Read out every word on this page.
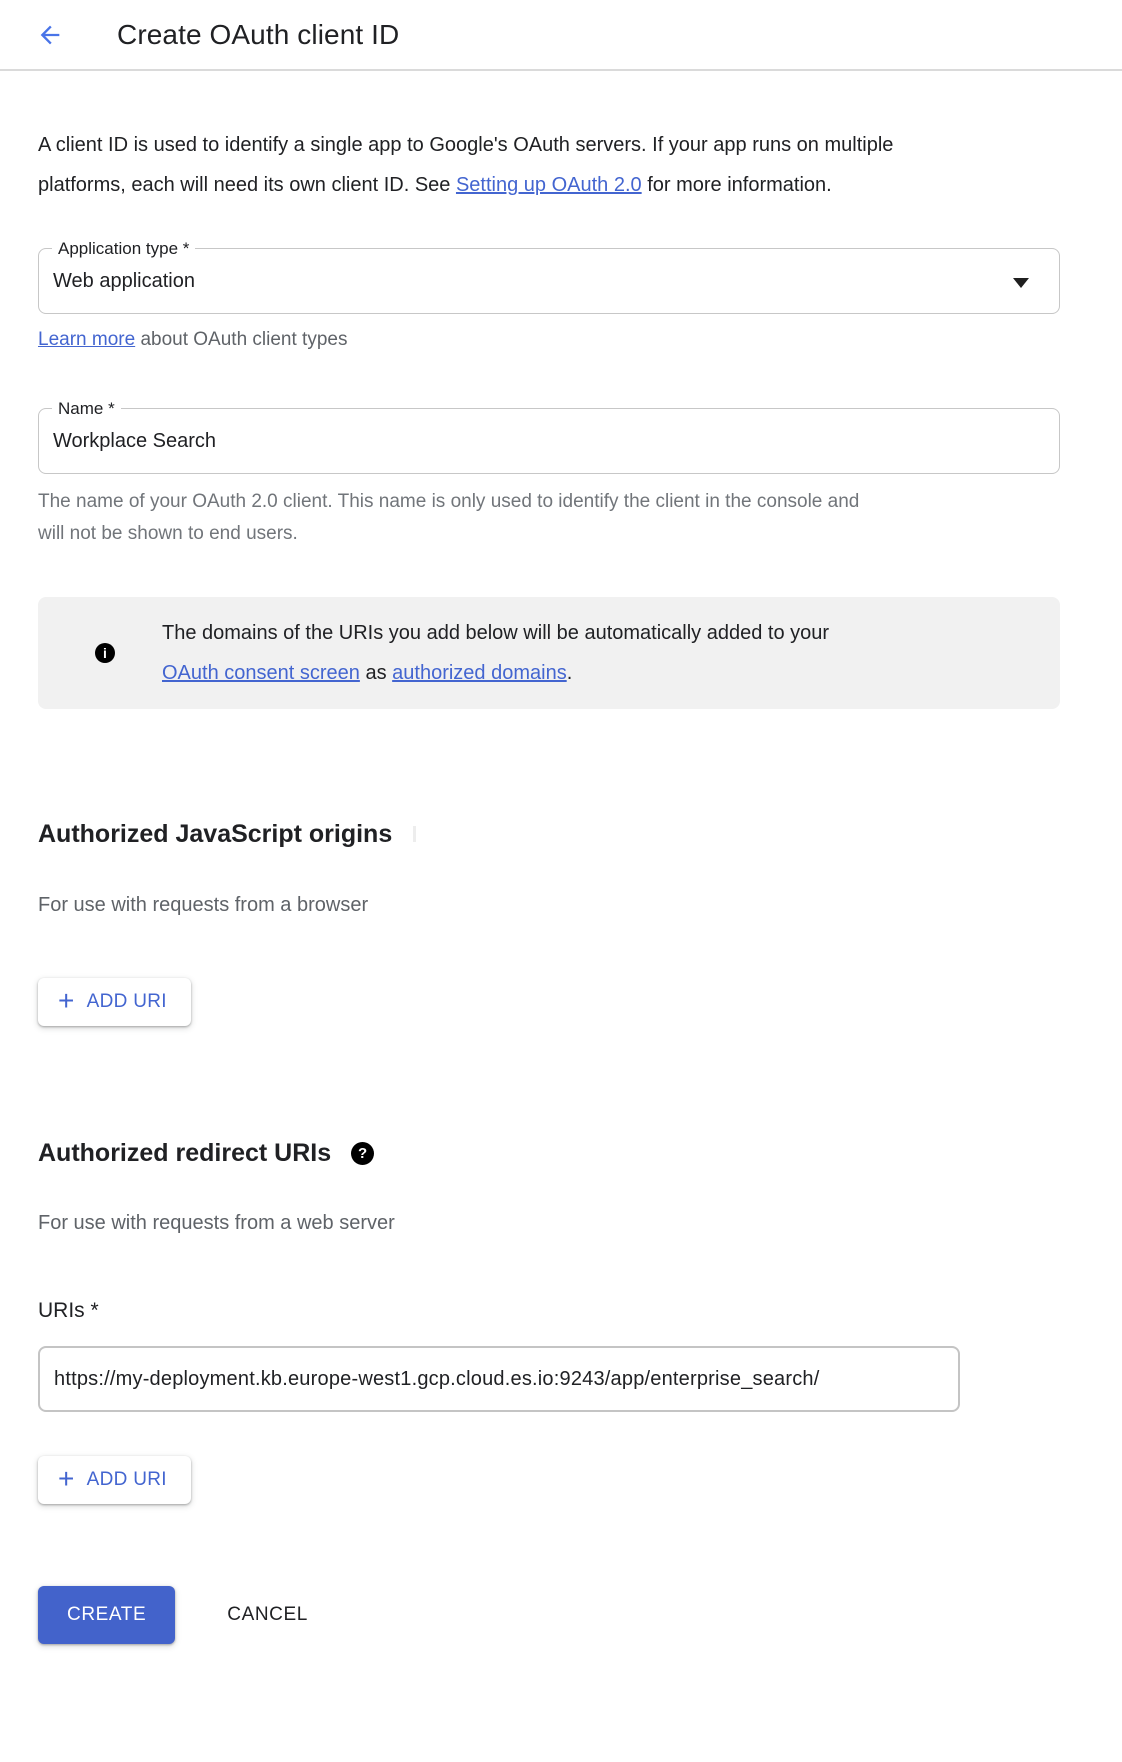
Create OAuth client ID

A client ID is used to identify a single app to Google's OAuth servers. If your app runs on multiple platforms, each will need its own client ID. See Setting up OAuth 2.0 for more information.

Application type *
Web application

Learn more about OAuth client types

Name *
Workplace Search

The name of your OAuth 2.0 client. This name is only used to identify the client in the console and will not be shown to end users.

i

The domains of the URIs you add below will be automatically added to your OAuth consent screen as authorized domains.

Authorized JavaScript origins

For use with requests from a browser

+ ADD URI
Authorized redirect URIs	?

For use with requests from a web server

URIs *

https://my-deployment.kb.europe-west1.gcp.cloud.es.io:9243/app/enterprise_search/
+ ADD URI
CREATE	CANCEL
